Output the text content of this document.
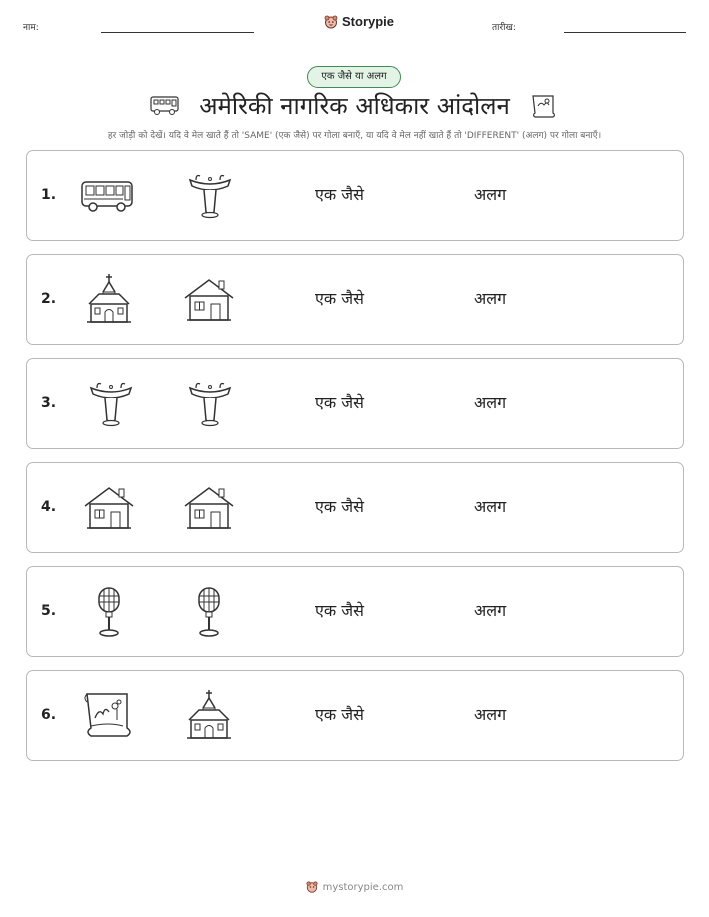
नाम:	Storypie	तारीख:
एक जैसे या अलग
अमेरिकी नागरिक अधिकार आंदोलन
हर जोड़ी को देखें। यदि वे मेल खाते हैं तो 'SAME' (एक जैसे) पर गोला बनाएँ, या यदि वे मेल नहीं खाते हैं तो 'DIFFERENT' (अलग) पर गोला बनाएँ।
1.	एक जैसे	अलग
2.	एक जैसे	अलग
3.	एक जैसे	अलग
4.	एक जैसे	अलग
5.	एक जैसे	अलग
6.	एक जैसे	अलग
mystorypie.com
